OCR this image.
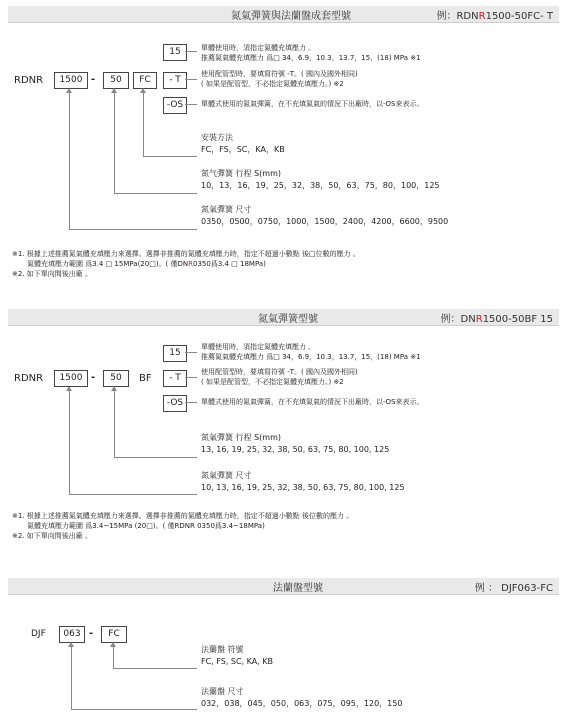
氮氣彈簧與法蘭盤成套型號	例：RDNR1500-50FC- T
RDNR	1500 -	50	FC
15
- T
-OS
單體使用時，須指定氮體充填壓力 。
推薦氮氣體充填壓力 爲□ 34，6.9，10.3，13.7，15，(18) MPa ※1
使用配管型時，要填寫符號 -T。( 國內及國外相同)
( 如果是配管型，不必指定氮體充填壓力。) ※2
單體式使用的氮氣彈簧，在不充填氮氣的情況下出廠時，以-OS來表示。
安裝方法
FC，FS，SC，KA，KB
氮气彈簧 行程 S(mm)
10，13，16，19，25，32，38，50，63，75，80，100，125
氮氣彈簧 尺寸
0350，0500，0750，1000，1500，2400，4200，6600，9500
※1. 根據上述推薦氮氣體充填壓力來選擇。選擇非推薦的氮體充填壓力時，指定不超過小數點 後□位數的壓力 。
氮體充填壓力範圍 爲3.4 □ 15MPa(20□)。( 僅DNR0350爲3.4 □ 18MPa)
※2. 如下單向間後出廠 。
氮氣彈簧型號	例：DNR1500-50BF 15
RDNR	1500 -	50	BF
15
- T
-OS
單體使用時，須指定氮體充填壓力 。
推薦氮氣體充填壓力 爲□ 34，6.9，10.3，13.7，15，(18) MPa ※1
使用配管型時，要填寫符號 -T。( 國內及國外相同)
( 如果是配管型，不必指定氮體充填壓力。) ※2
單體式使用的氮氣彈簧，在不充填氮氣的情況下出廠時，以-OS來表示。
氮氣彈簧 行程 S(mm)
13, 16, 19, 25, 32, 38, 50, 63, 75, 80, 100, 125
氮氣彈簧 尺寸
10, 13, 16, 19, 25, 32, 38, 50, 63, 75, 80, 100, 125
※1. 根據上述推薦氮氣體充填壓力來選擇。選擇非推薦的氮體充填壓力時，指定不超過小數點 後位數的壓力 。
氮體充填壓力範圍 爲3.4~15MPa (20□)。( 僅RDNR 0350爲3.4~18MPa)
※2. 如下單向間後出廠 。
法蘭盤型號	例 ： DJF063-FC
DJF	063 -	FC
法蘭盤 符號
FC, FS, SC, KA, KB
法蘭盤 尺寸
032，038，045，050，063，075，095，120，150
